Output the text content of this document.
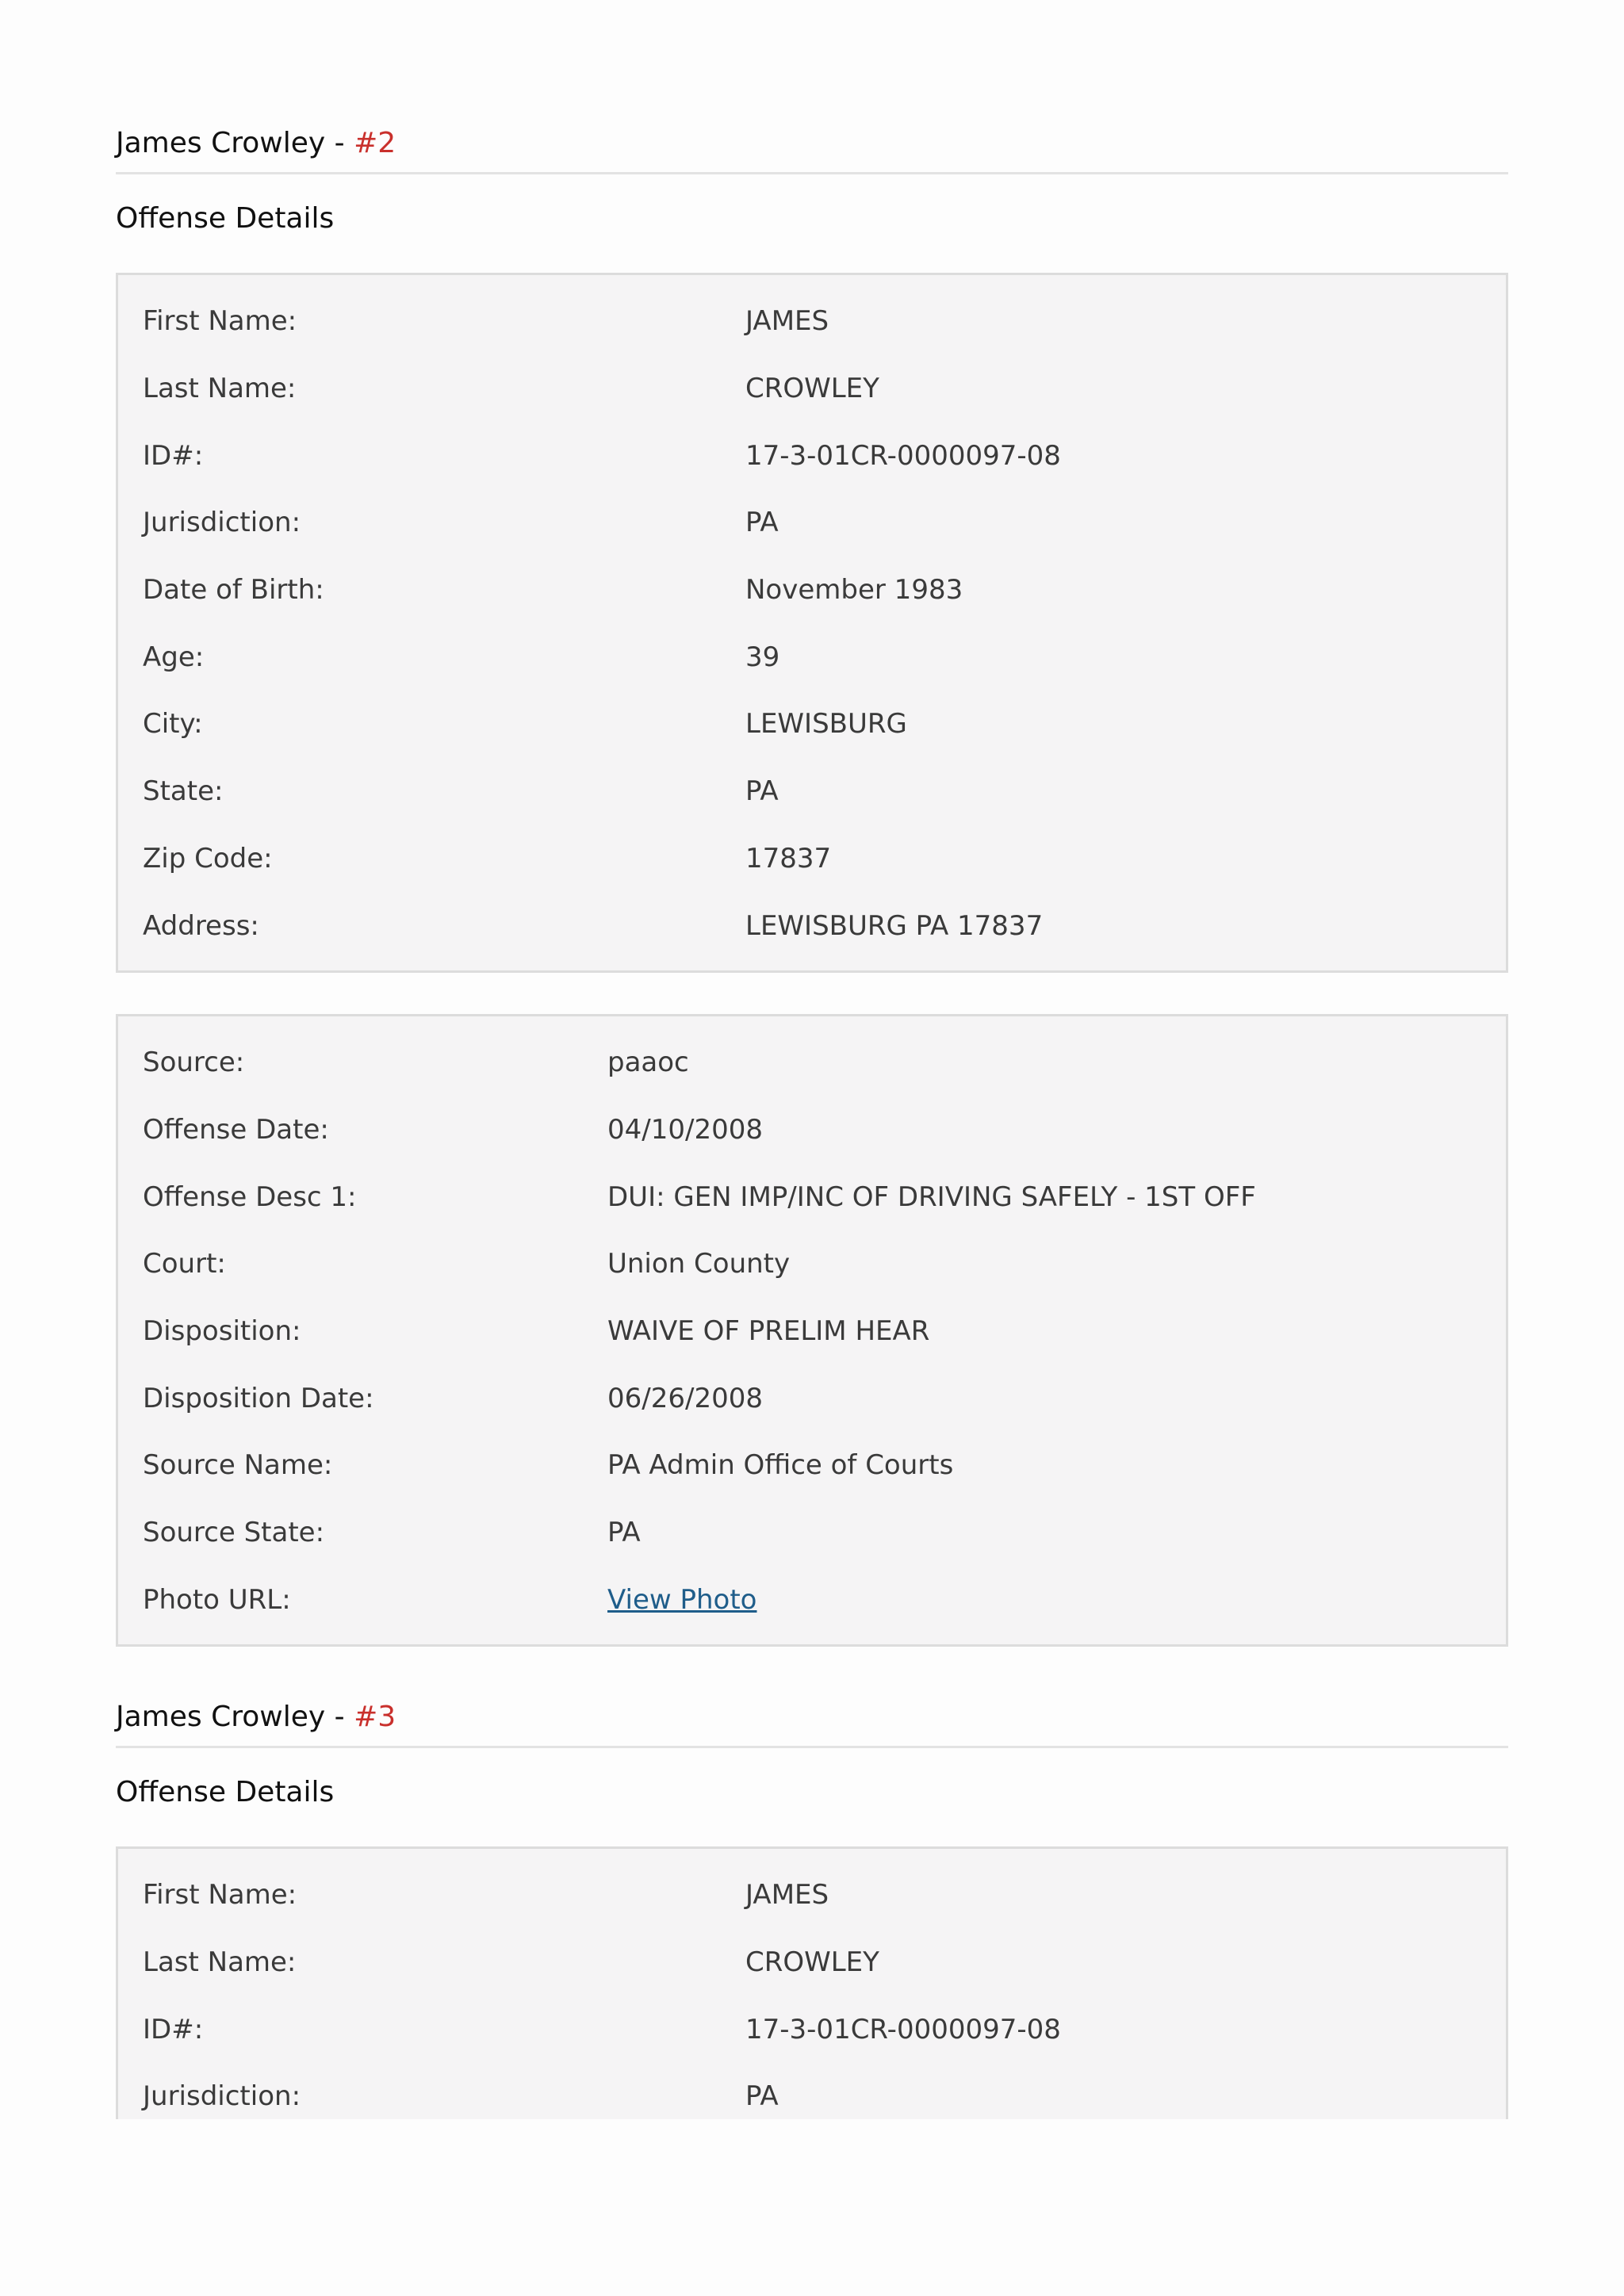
James Crowley - #2
Offense Details
First Name:	JAMES
Last Name:	CROWLEY
ID#:	17-3-01CR-0000097-08
Jurisdiction:	PA
Date of Birth:	November 1983
Age:	39
City:	LEWISBURG
State:	PA
Zip Code:	17837
Address:	LEWISBURG PA 17837
Source:	paaoc
Offense Date:	04/10/2008
Offense Desc 1:	DUI: GEN IMP/INC OF DRIVING SAFELY - 1ST OFF
Court:	Union County
Disposition:	WAIVE OF PRELIM HEAR
Disposition Date:	06/26/2008
Source Name:	PA Admin Office of Courts
Source State:	PA
Photo URL:	View Photo
James Crowley - #3
Offense Details
First Name:	JAMES
Last Name:	CROWLEY
ID#:	17-3-01CR-0000097-08
Jurisdiction:	PA
